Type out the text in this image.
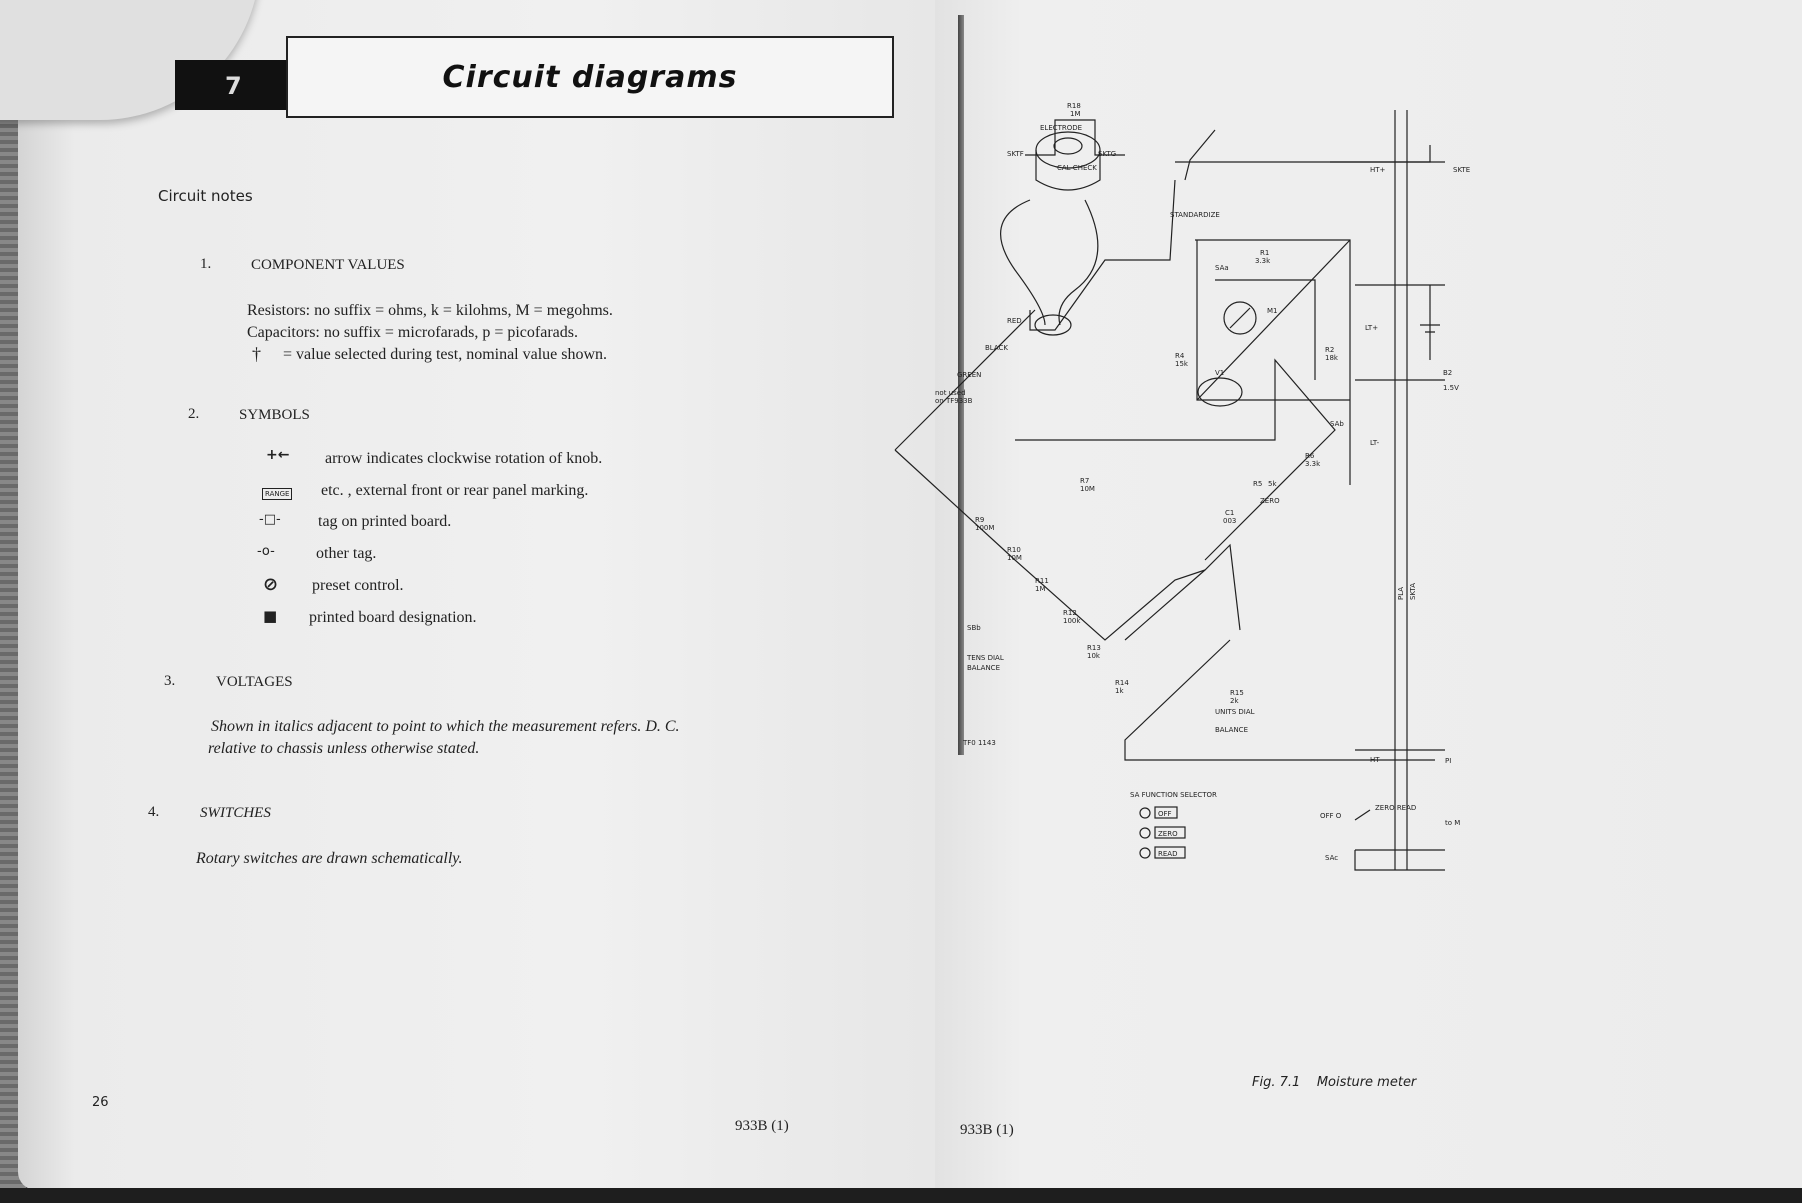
7	Circuit diagrams
Circuit notes
1.	COMPONENT VALUES
Resistors: no suffix = ohms, k = kilohms, M = megohms.
Capacitors: no suffix = microfarads, p = picofarads.
† = value selected during test, nominal value shown.
2.	SYMBOLS
+← arrow indicates clockwise rotation of knob.
RANGE etc. , external front or rear panel marking.
-□- tag on printed board.
-o-	other tag.
⊘ preset control.
■ printed board designation.
3.	VOLTAGES
Shown in italics adjacent to point to which the measurement refers. D. C.
relative to chassis unless otherwise stated.
4.	SWITCHES
Rotary switches are drawn schematically.
26
933B (1)	933B (1)
ELECTRODE
R18
1M
CAL CHECK
SKTF	SKTG
STANDARDIZE
RED
BLACK
GREEN
not used
on TF933B
R1
3.3k
R2
18k
R4
15k
R7
10M
R9
100M
R10
10M
R11
1M
R12
100k
R13
10k
R14
1k	R15
2k
R5 5k
R6
3.3k
C1
003
M1
V1
ZERO
TENS DIAL
BALANCE
UNITS DIAL
BALANCE
SBb
SAa
SAb
SAc
LT+
LT-
HT+
HT-
B2
1.5V
SKTE
PLA SKTA
TF0 1143
SA FUNCTION SELECTOR
OFF
ZERO
READ
ZERO READ
OFF O
to M
PI
Fig. 7.1 Moisture meter
